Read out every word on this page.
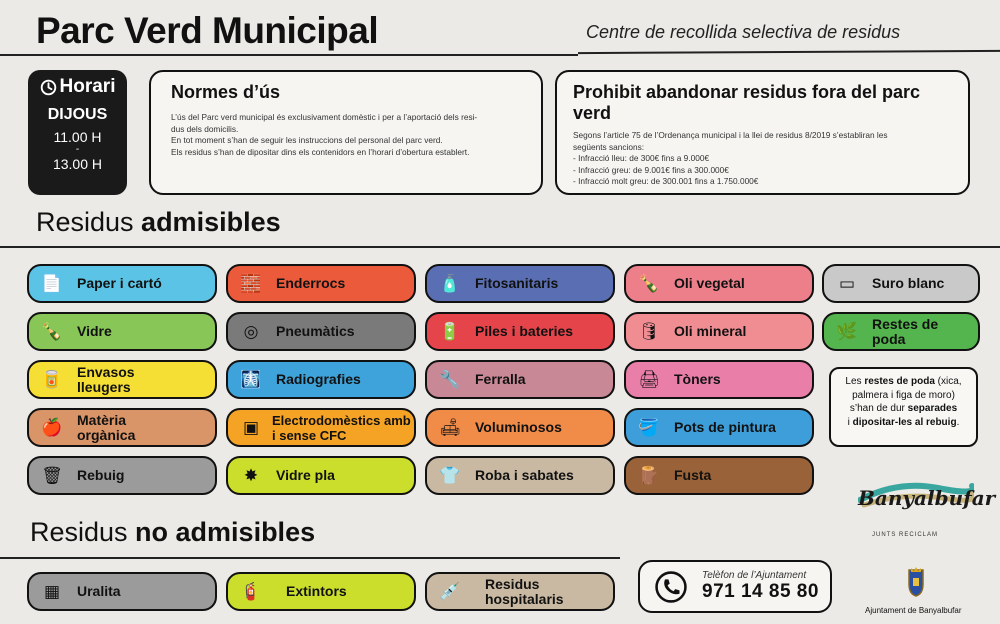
Parc Verd Municipal	Centre de recollida selectiva de residus
Horari
DIJOUS
11.00 H
-
13.00 H
Normes d’ús

L’ús del Parc verd municipal és exclusivament domèstic i per a l’aportació dels resi-

dus dels domicilis.

En tot moment s’han de seguir les instruccions del personal del parc verd.

Els residus s’han de dipositar dins els contenidors en l’horari d’obertura establert.

Prohibit abandonar residus fora del parc verd

Segons l’article 75 de l’Ordenança municipal i la llei de residus 8/2019 s’establiran les

següents sancions:

- Infracció lleu: de 300€ fins a 9.000€

- Infracció greu: de 9.001€ fins a 300.000€

- Infracció molt greu: de 300.001 fins a 1.750.000€

Residus admisibles
📄 Paper i cartó	🧱 Enderrocs	🧴 Fitosanitaris	🍾 Oli vegetal	▭	Suro blanc
🍾 Vidre	◎	Pneumàtics	🔋 Piles i bateries	🛢 Oli mineral	🌿 Restes de poda
🥫 Envasos lleugers	🩻 Radiografies	🔧 Ferralla	🖨 Tòners
🍎 Matèria orgànica	▣ Electrodomèstics amb i sense CFC	🛋 Voluminosos	🪣 Pots de pintura
🗑 Rebuig	✸	Vidre pla	👕 Roba i sabates	🪵 Fusta
Les restes de poda (xica,
palmera i figa de moro)
s’han de dur separades
i dipositar-les al rebuig.
Banyalbufar
JUNTS RECICLAM
Residus no admisibles
▦	Uralita	🧯 Extintors	💉 Residus hospitalaris
Telèfon de l’Ajuntament
971 14 85 80
Ajuntament de Banyalbufar
